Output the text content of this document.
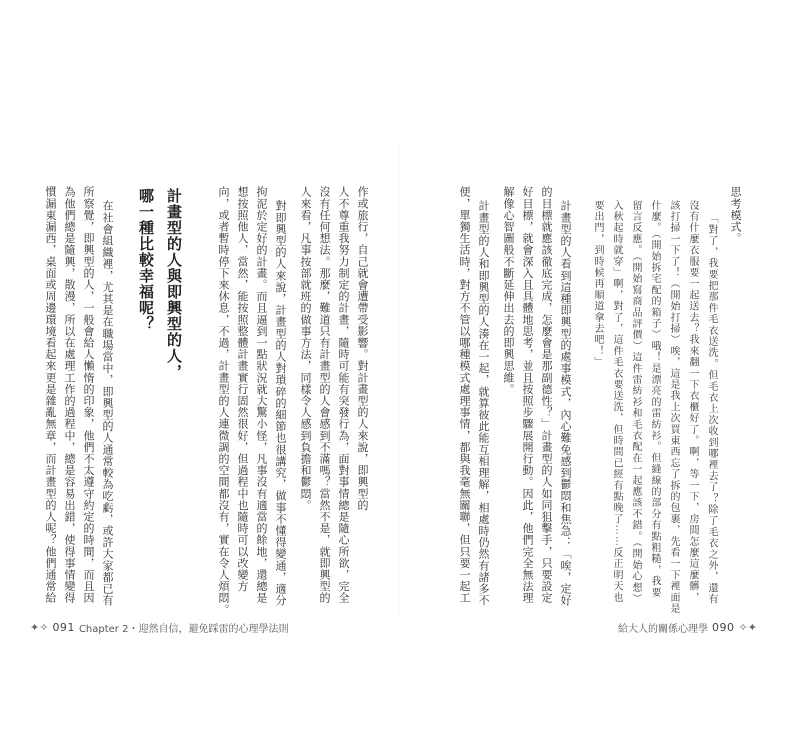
思考模式。
「對了，我要把那件毛衣送洗。但毛衣上次收到哪裡去了？除了毛衣之外，還有
沒有什麼衣服要一起送去？我來翻一下衣櫃好了。啊，等一下，房間怎麼這麼髒，
該打掃一下了！（開始打掃）唉，這是我上次買東西忘了拆的包裹，先看一下裡面是
什麼。（開始拆宅配的箱子）哦！是漂亮的雷紡衫。但縫線的部分有點粗糙，我要
留言反應。（開始寫商品評價）這件雷紡衫和毛衣配在一起應該不錯。（開始心想）
入秋起時就穿」啊，對了，這件毛衣要送洗，但時間已經有點晚了⋯⋯反正明天也
要出門，到時候再順道拿去吧！」
計畫型的人看到這種即興型的處事模式，內心難免感到鬱悶和焦急：「唉，定好
的目標就應該徹底完成，怎麼會是那副德性？」計畫型的人如同狙擊手，只要設定
好目標，就會深入且具體地思考，並且按照步驟展開行動。因此，他們完全無法理
解像心智圖般不斷延伸出去的即興思維。
計畫型的人和即興型的人湊在一起，就算彼此能互相理解，相處時仍然有諸多不
便，單獨生活時，對方不管以哪種模式處理事情，都與我毫無關聯，但只要一起工
給大人的關係心理學 090 ✧✦
作或旅行，自己就會遭帶受影響。對計畫型的人來說，即興型的
人不尊重我努力制定的計畫，隨時可能有突發行為，面對事情總是隨心所欲，完全
沒有任何想法。那麼，難道只有計畫型的人會感到不滿嗎？當然不是，就即興型的
人來看，凡事按部就班的做事方法，同樣令人感到負擔和鬱悶。
對即興型的人來說，計畫型的人對瑣碎的細節也很講究，做事不懂得變通，適分
拘泥於定好的計畫。而且逼到一點狀況就大驚小怪，凡事沒有適當的餘地，還總是
想按照他人，當然，能按照整體計畫實行固然很好，但過程中也隨時可以改變方
向，或者暫時停下來休息，不過，計畫型的人連微調的空間都沒有，實在令人煩悶。
計畫型的人與即興型的人，
哪一種比較幸福呢？
在社會組織裡，尤其是在職場當中，即興型的人通常較為吃虧，或許大家都已有
所察覺，即興型的人，一般會給人懶惰的印象，他們不太遵守約定的時間，而且因
為他們總是隨興，散漫，所以在處理工作的過程中，總是容易出錯，使得事情變得
慣漏東漏西，桌面或周邊環境看起來更是雜亂無章，而計畫型的人呢？他們通常給
✦✧ 091 Chapter 2・迎然自信，避免踩雷的心理學法則
